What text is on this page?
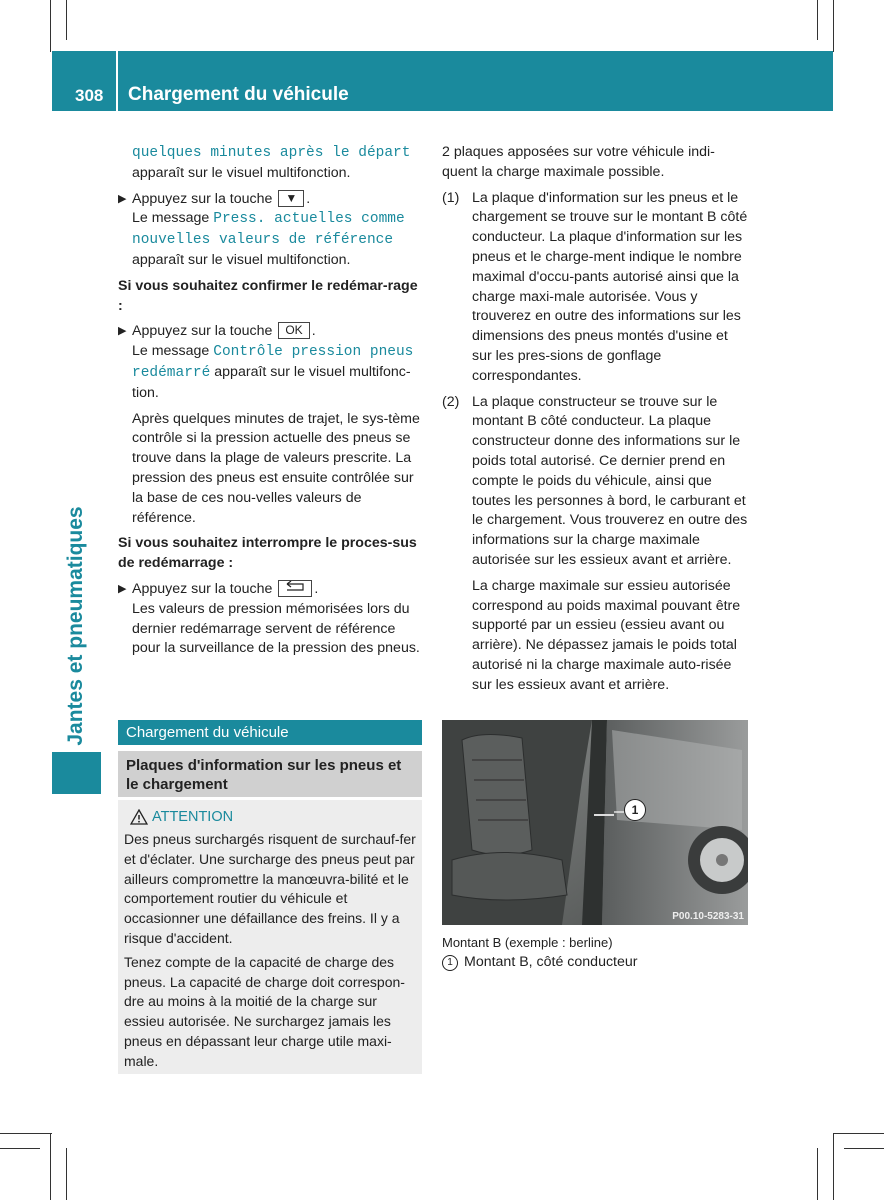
308 Chargement du véhicule
Jantes et pneumatiques

quelques minutes après le départ
apparaît sur le visuel multifonction.

▶ Appuyez sur la touche ▼ .
Le message Press. actuelles comme
nouvelles valeurs de référence
apparaît sur le visuel multifonction.

Si vous souhaitez confirmer le redémar-rage :

▶ Appuyez sur la touche OK .
Le message Contrôle pression pneus
redémarré apparaît sur le visuel multifonc-tion.

Après quelques minutes de trajet, le sys-tème contrôle si la pression actuelle des pneus se trouve dans la plage de valeurs prescrite. La pression des pneus est ensuite contrôlée sur la base de ces nou-velles valeurs de référence.

Si vous souhaitez interrompre le proces-sus de redémarrage :

▶ Appuyez sur la touche	.
Les valeurs de pression mémorisées lors du dernier redémarrage servent de référence pour la surveillance de la pression des pneus.

Chargement du véhicule
Plaques d'information sur les pneus et le chargement
ATTENTION

Des pneus surchargés risquent de surchauf-fer et d'éclater. Une surcharge des pneus peut par ailleurs compromettre la manœuvra-bilité et le comportement routier du véhicule et occasionner une défaillance des freins. Il y a risque d'accident.

Tenez compte de la capacité de charge des pneus. La capacité de charge doit correspon-dre au moins à la moitié de la charge sur essieu autorisée. Ne surchargez jamais les pneus en dépassant leur charge utile maxi-male.

2 plaques apposées sur votre véhicule indi-quent la charge maximale possible.

(1) La plaque d'information sur les pneus et le chargement se trouve sur le montant B côté conducteur. La plaque d'information sur les pneus et le charge-ment indique le nombre maximal d'occu-pants autorisé ainsi que la charge maxi-male autorisée. Vous y trouverez en outre des informations sur les dimensions des pneus montés d'usine et sur les pres-sions de gonflage correspondantes.

(2) La plaque constructeur se trouve sur le montant B côté conducteur. La plaque constructeur donne des informations sur le poids total autorisé. Ce dernier prend en compte le poids du véhicule, ainsi que toutes les personnes à bord, le carburant et le chargement. Vous trouverez en outre des informations sur la charge maximale autorisée sur les essieux avant et arrière.

La charge maximale sur essieu autorisée correspond au poids maximal pouvant être supporté par un essieu (essieu avant ou arrière). Ne dépassez jamais le poids total autorisé ni la charge maximale auto-risée sur les essieux avant et arrière.

1
P00.10-5283-31
Montant B (exemple : berline)
1 Montant B, côté conducteur
